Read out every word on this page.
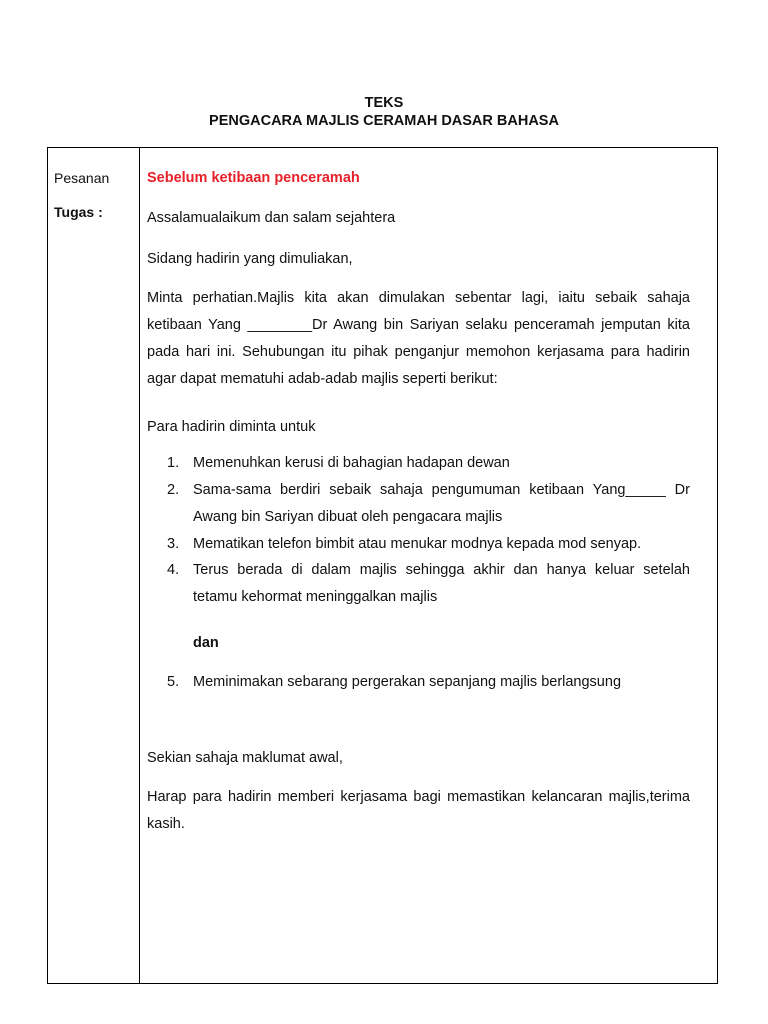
TEKS
PENGACARA MAJLIS CERAMAH DASAR BAHASA
Pesanan
Tugas :
Sebelum ketibaan penceramah
Assalamualaikum dan salam sejahtera
Sidang hadirin yang dimuliakan,
Minta perhatian.Majlis kita akan dimulakan sebentar lagi, iaitu sebaik sahaja ketibaan Yang ________Dr Awang bin Sariyan selaku penceramah jemputan kita pada hari ini. Sehubungan itu pihak penganjur memohon kerjasama para hadirin agar dapat mematuhi adab-adab majlis seperti berikut:
Para hadirin diminta untuk
1. Memenuhkan kerusi di bahagian hadapan dewan
2. Sama-sama berdiri sebaik sahaja pengumuman ketibaan Yang_____ Dr Awang bin Sariyan dibuat oleh pengacara majlis
3. Mematikan telefon bimbit atau menukar modnya kepada mod senyap.
4. Terus berada di dalam majlis sehingga akhir dan hanya keluar setelah tetamu kehormat meninggalkan majlis
dan
5. Meminimakan sebarang pergerakan sepanjang majlis berlangsung
Sekian sahaja maklumat awal,
Harap para hadirin memberi kerjasama bagi memastikan kelancaran majlis,terima kasih.
